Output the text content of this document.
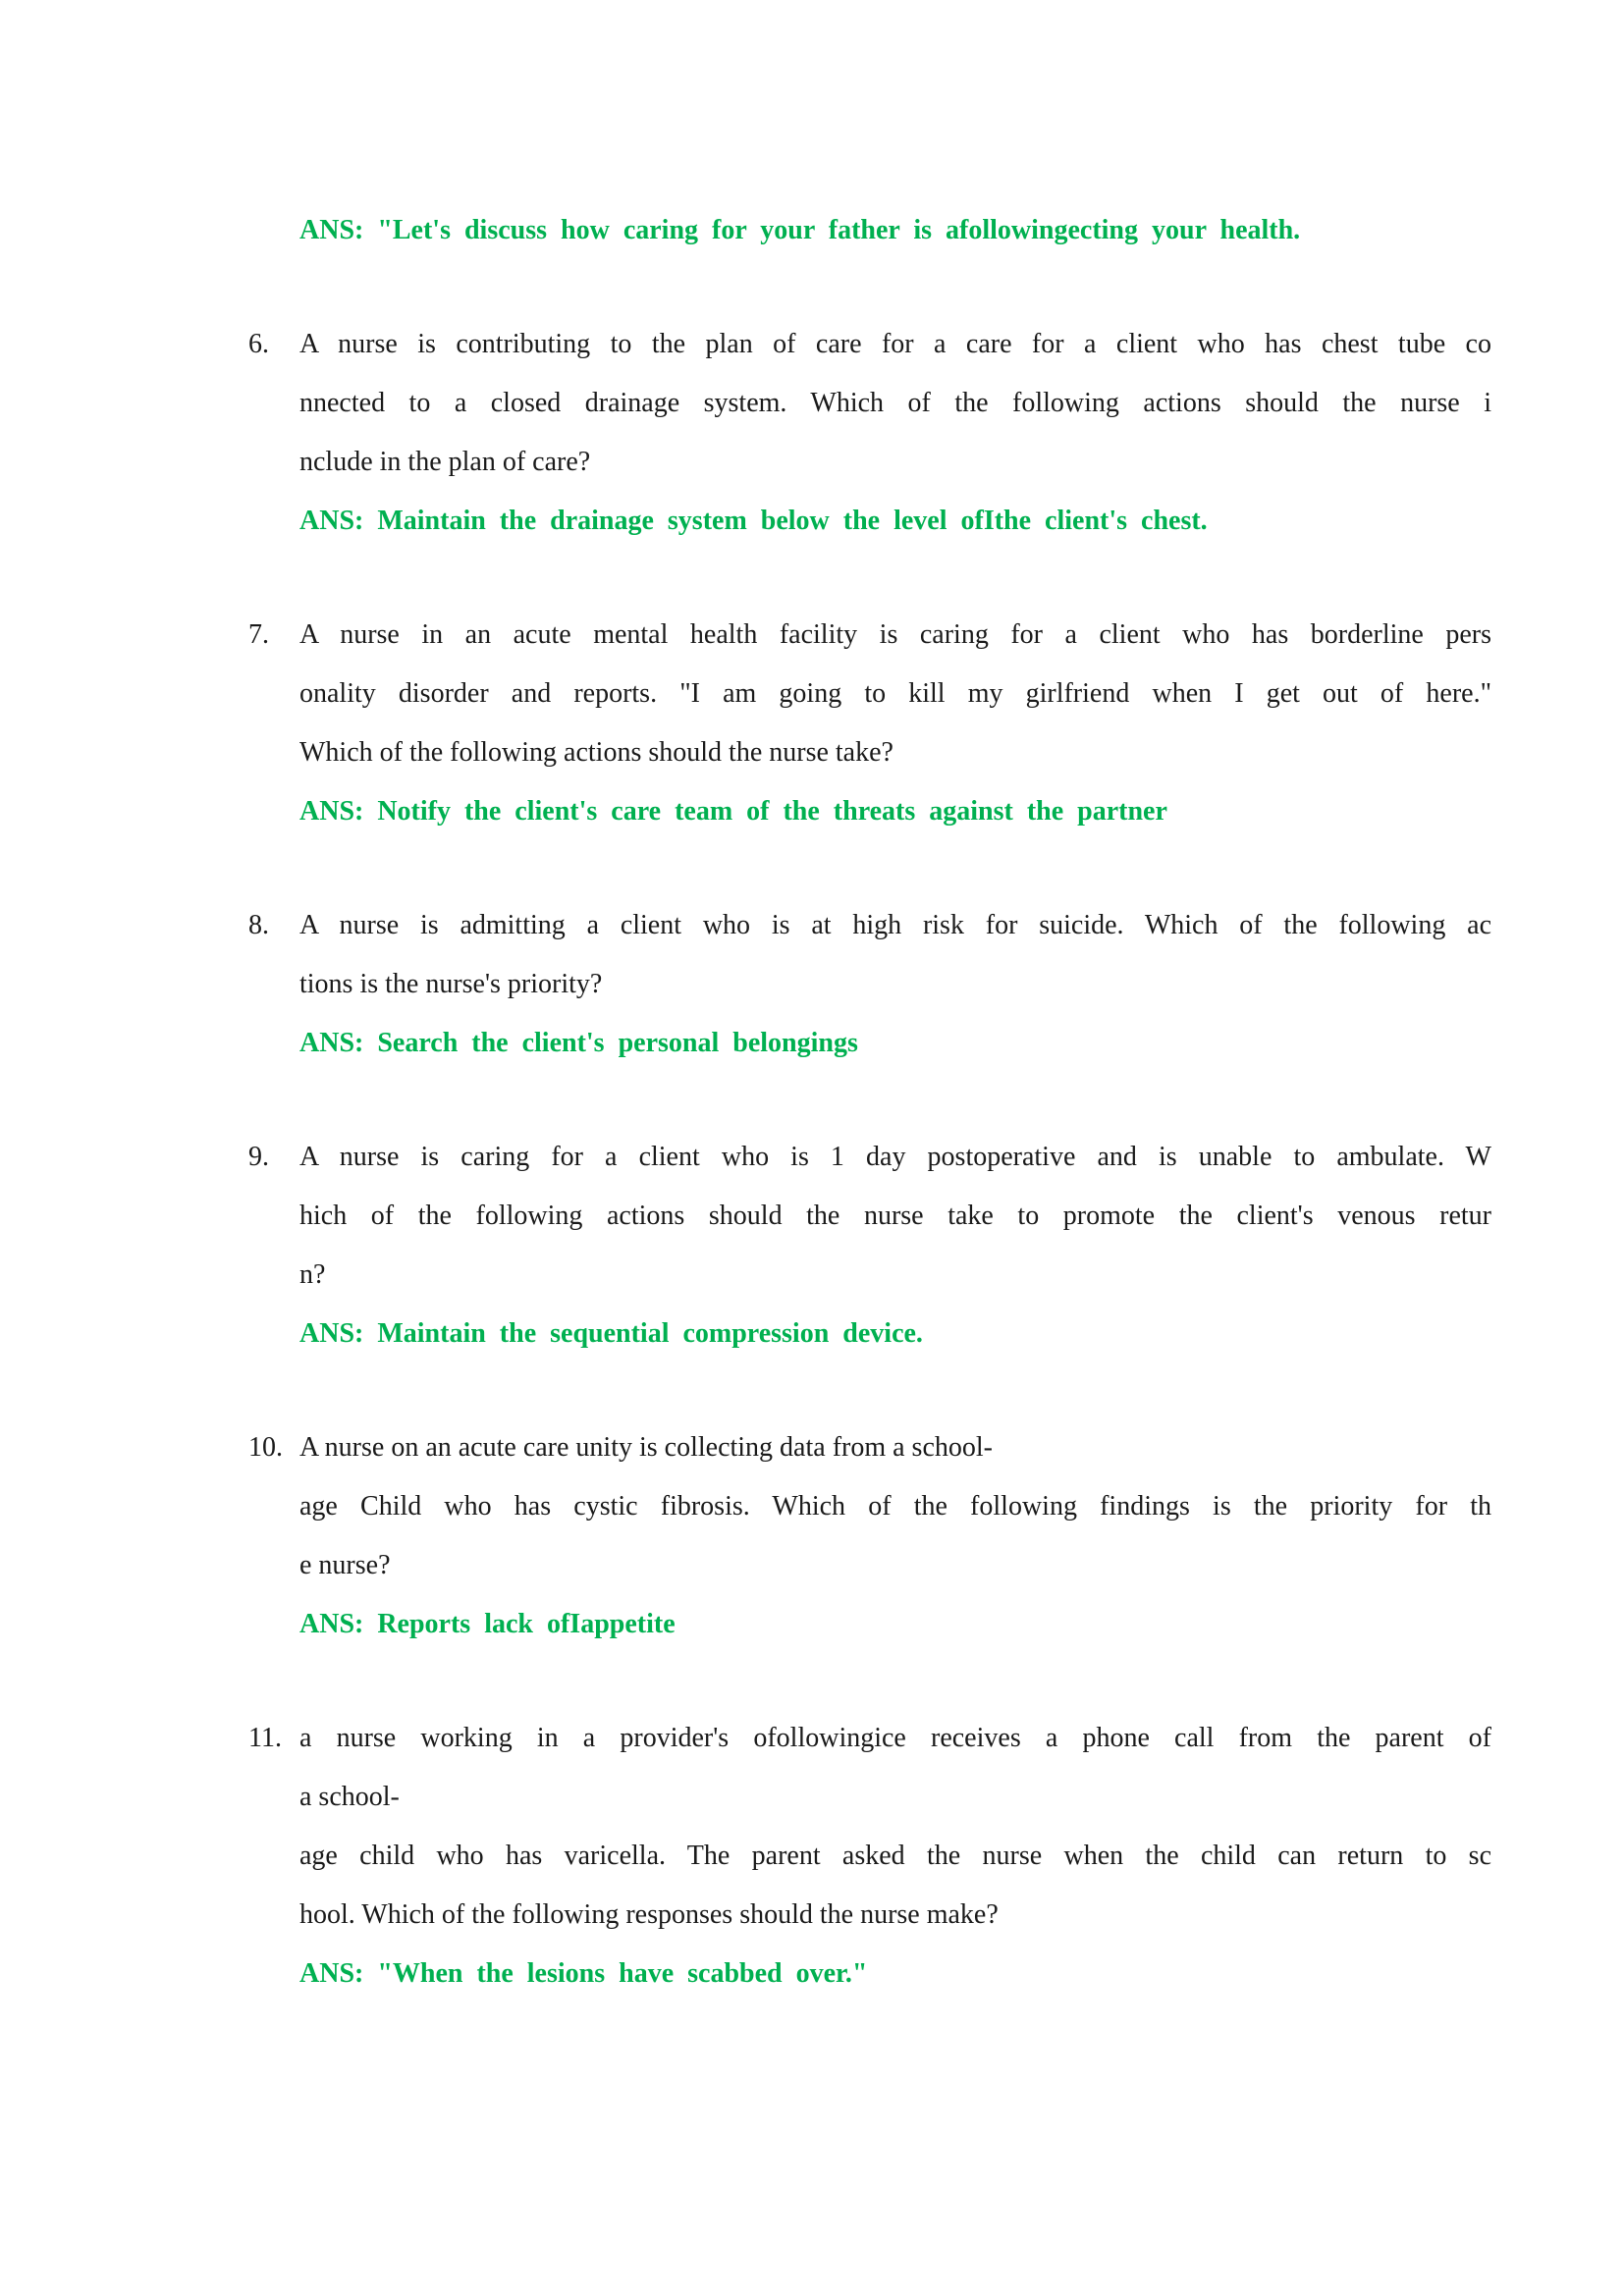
ANS: "Let's discuss how caring for your father is afollowingecting your health.
6.	A nurse is contributing to the plan of care for a care for a client who has chest tube co
nnected to a closed drainage system. Which of the following actions should the nurse i
nclude in the plan of care?
ANS: Maintain the drainage system below the level ofIthe client's chest.
7.	A nurse in an acute mental health facility is caring for a client who has borderline pers
onality disorder and reports. "I am going to kill my girlfriend when I get out of here."
Which of the following actions should the nurse take?
ANS: Notify the client's care team of the threats against the partner
8.	A nurse is admitting a client who is at high risk for suicide. Which of the following ac
tions is the nurse's priority?
ANS: Search the client's personal belongings
9.	A nurse is caring for a client who is 1 day postoperative and is unable to ambulate. W
hich of the following actions should the nurse take to promote the client's venous retur
n?
ANS: Maintain the sequential compression device.
10. A nurse on an acute care unity is collecting data from a school-
age Child who has cystic fibrosis. Which of the following findings is the priority for th
e nurse?
ANS: Reports lack ofIappetite
11. a nurse working in a provider's ofollowingice receives a phone call from the parent of
a school-
age child who has varicella. The parent asked the nurse when the child can return to sc
hool. Which of the following responses should the nurse make?
ANS: "When the lesions have scabbed over."
